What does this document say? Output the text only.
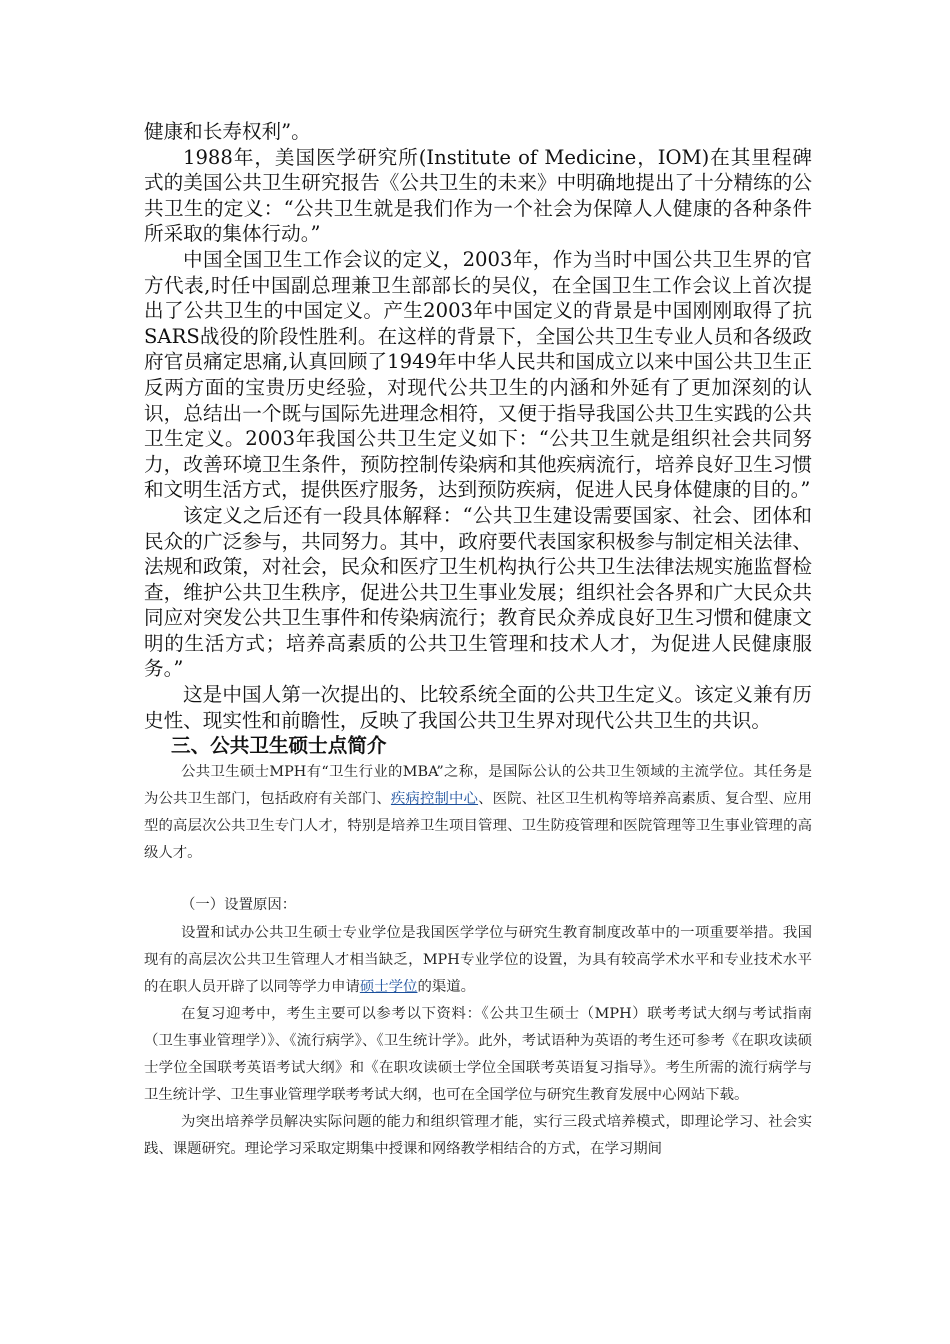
健康和长寿权利”。

1988年，美国医学研究所(Institute of Medicine，IOM)在其里程碑式的美国公共卫生研究报告《公共卫生的未来》中明确地提出了十分精练的公共卫生的定义：“公共卫生就是我们作为一个社会为保障人人健康的各种条件所采取的集体行动。”

中国全国卫生工作会议的定义，2003年，作为当时中国公共卫生界的官方代表,时任中国副总理兼卫生部部长的吴仪，在全国卫生工作会议上首次提出了公共卫生的中国定义。产生2003年中国定义的背景是中国刚刚取得了抗SARS战役的阶段性胜利。在这样的背景下，全国公共卫生专业人员和各级政府官员痛定思痛,认真回顾了1949年中华人民共和国成立以来中国公共卫生正反两方面的宝贵历史经验，对现代公共卫生的内涵和外延有了更加深刻的认识，总结出一个既与国际先进理念相符，又便于指导我国公共卫生实践的公共卫生定义。2003年我国公共卫生定义如下：“公共卫生就是组织社会共同努力，改善环境卫生条件，预防控制传染病和其他疾病流行，培养良好卫生习惯和文明生活方式，提供医疗服务，达到预防疾病，促进人民身体健康的目的。”

该定义之后还有一段具体解释：“公共卫生建设需要国家、社会、团体和民众的广泛参与，共同努力。其中，政府要代表国家积极参与制定相关法律、法规和政策，对社会，民众和医疗卫生机构执行公共卫生法律法规实施监督检查，维护公共卫生秩序，促进公共卫生事业发展；组织社会各界和广大民众共同应对突发公共卫生事件和传染病流行；教育民众养成良好卫生习惯和健康文明的生活方式；培养高素质的公共卫生管理和技术人才，为促进人民健康服务。”

这是中国人第一次提出的、比较系统全面的公共卫生定义。该定义兼有历史性、现实性和前瞻性，反映了我国公共卫生界对现代公共卫生的共识。

三、公共卫生硕士点简介

公共卫生硕士MPH有“卫生行业的MBA”之称，是国际公认的公共卫生领域的主流学位。其任务是为公共卫生部门，包括政府有关部门、疾病控制中心、医院、社区卫生机构等培养高素质、复合型、应用型的高层次公共卫生专门人才，特别是培养卫生项目管理、卫生防疫管理和医院管理等卫生事业管理的高级人才。

（一）设置原因：

设置和试办公共卫生硕士专业学位是我国医学学位与研究生教育制度改革中的一项重要举措。我国现有的高层次公共卫生管理人才相当缺乏，MPH专业学位的设置，为具有较高学术水平和专业技术水平的在职人员开辟了以同等学力申请硕士学位的渠道。

在复习迎考中，考生主要可以参考以下资料：《公共卫生硕士（MPH）联考考试大纲与考试指南（卫生事业管理学）》、《流行病学》、《卫生统计学》。此外，考试语种为英语的考生还可参考《在职攻读硕士学位全国联考英语考试大纲》和《在职攻读硕士学位全国联考英语复习指导》。考生所需的流行病学与卫生统计学、卫生事业管理学联考考试大纲，也可在全国学位与研究生教育发展中心网站下载。

为突出培养学员解决实际问题的能力和组织管理才能，实行三段式培养模式，即理论学习、社会实践、课题研究。理论学习采取定期集中授课和网络教学相结合的方式，在学习期间
